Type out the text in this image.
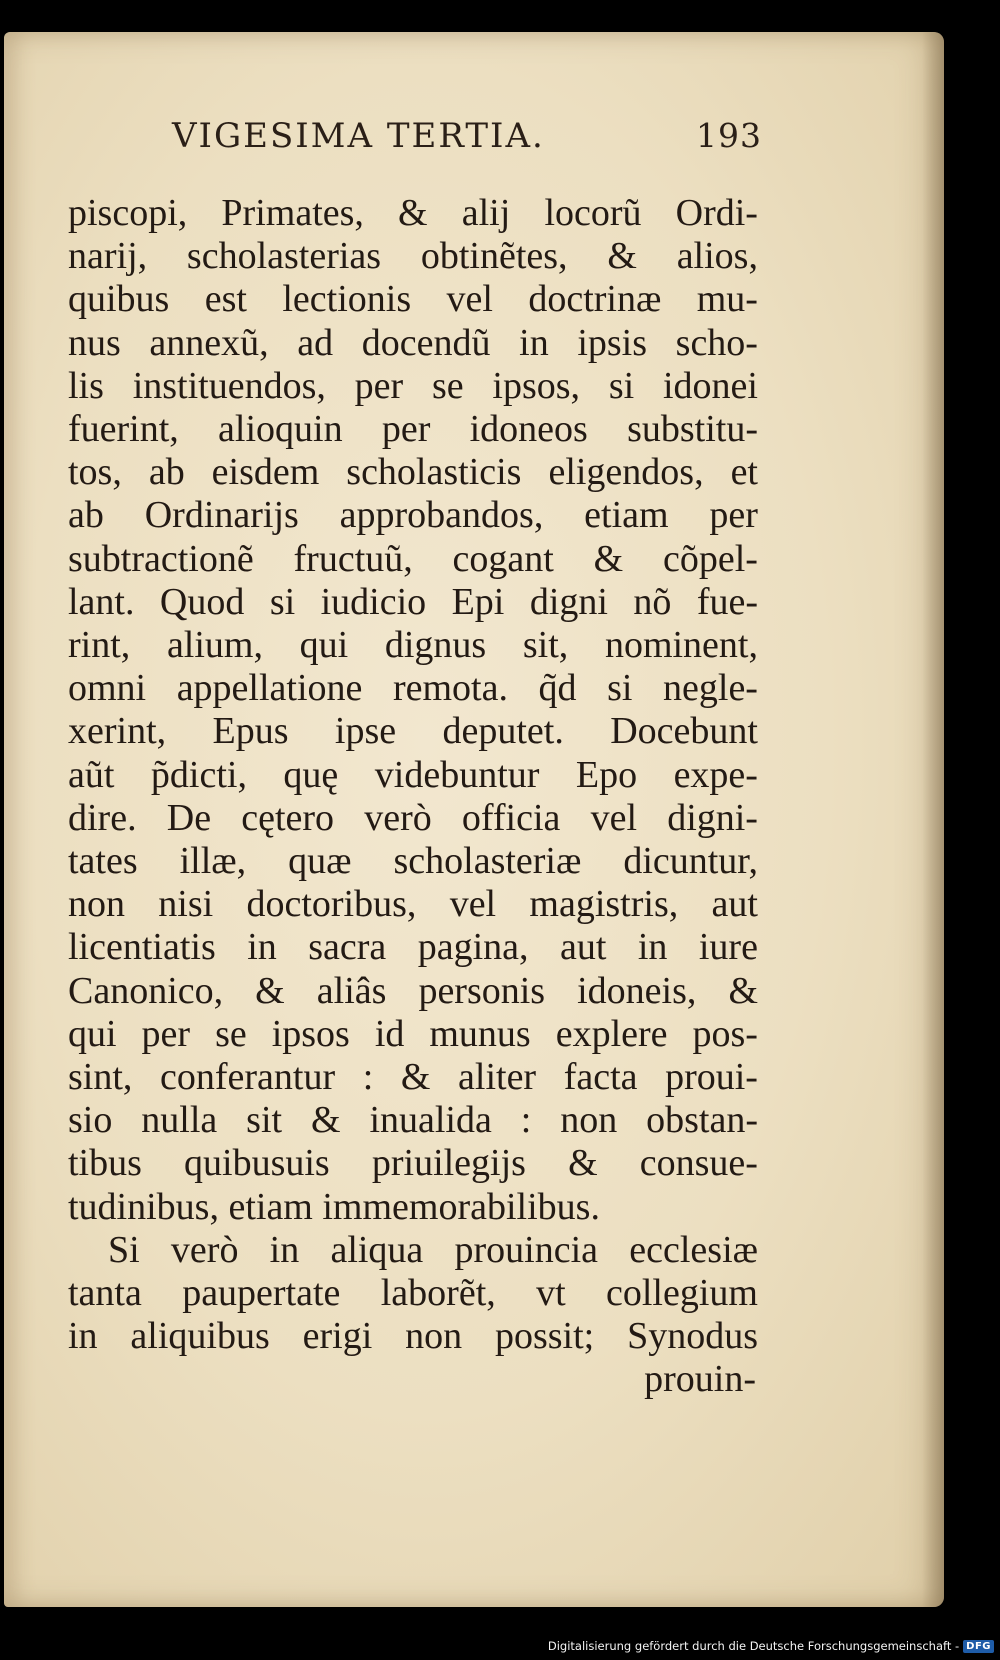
VIGESIMA TERTIA.	193
piscopi, Primates, & alij locorũ Ordi-
narij, scholasterias obtinẽtes, & alios,
quibus est lectionis vel doctrinæ mu-
nus annexũ, ad docendũ in ipsis scho-
lis instituendos, per se ipsos, si idonei
fuerint, alioquin per idoneos substitu-
tos, ab eisdem scholasticis eligendos, et
ab Ordinarijs approbandos, etiam per
subtractionẽ fructuũ, cogant & cõpel-
lant. Quod si iudicio Epi digni nõ fue-
rint, alium, qui dignus sit, nominent,
omni appellatione remota. q̃d si negle-
xerint, Epus ipse deputet. Docebunt
aũt p̃dicti, quę videbuntur Epo expe-
dire. De cętero verò officia vel digni-
tates illæ, quæ scholasteriæ dicuntur,
non nisi doctoribus, vel magistris, aut
licentiatis in sacra pagina, aut in iure
Canonico, & aliâs personis idoneis, &
qui per se ipsos id munus explere pos-
sint, conferantur : & aliter facta proui-
sio nulla sit & inualida : non obstan-
tibus quibusuis priuilegijs & consue-
tudinibus, etiam immemorabilibus.
Si verò in aliqua prouincia ecclesiæ
tanta paupertate laborẽt, vt collegium
in aliquibus erigi non possit; Synodus
prouin-
Digitalisierung gefördert durch die Deutsche Forschungsgemeinschaft - DFG
